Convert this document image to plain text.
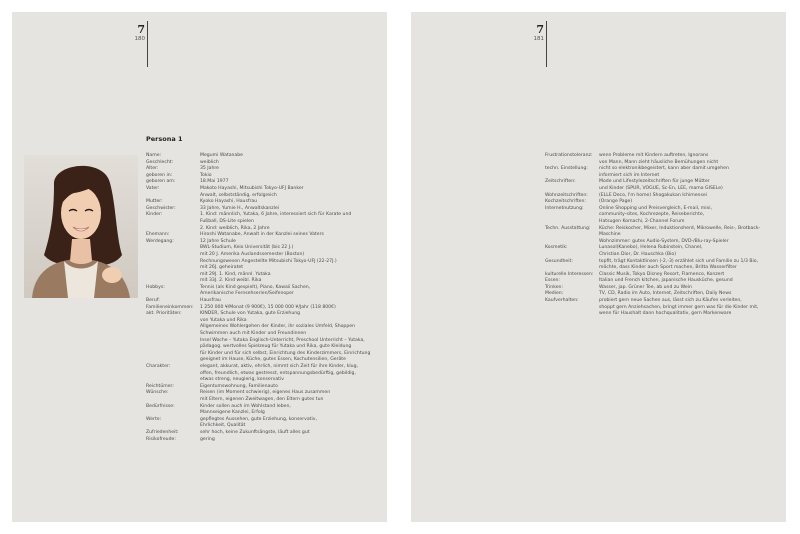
7
180
Persona 1
Name:	Megumi Watanabe
Geschlecht:	weiblich
Alter:	35 Jahre
geboren in:	Tokio
geboren am:	18.Mai 1977
Vater:	Makoto Hayashi, Mitsubishi Tokyo-UFJ Banker
Anwalt, selbstständig, erfolgreich
Mutter:	Kyoko Hayashi, Hausfrau
Geschwister:	33 Jahre, Yumie H., Anwaltskanzlei
Kinder:	1. Kind: männlich, Yutaka, 6 Jahre, interessiert sich für Karate und
Fußball, DS-Lite spielen
2. Kind: weiblich, Rika, 2 Jahre
Ehemann:	Hiroshi Watanabe, Anwalt in der Kanzlei seines Vaters
Werdegang:	12 Jahre Schule
BWL-Studium, Keio Universität (bis 22 J.)
mit 20 J. Amerika Auslandssemester (Boston)
Rechnungswesen Angestellte Mitsubishi Tokyo-UFJ (22-27J.)
mit 26J. geheiratet
mit 29J. 1. Kind, männl. Yutaka
mit 33J. 2. Kind weibl. Rika
Hobbys:	Tennis (als Kind gespielt), Piano, Kawaii Sachen,
Amerikanische Fernsehserien/Seifenoper
Beruf:	Hausfrau
Familieneinkommen:	1 250 000 ¥/Monat (9 900€), 15 000 000 ¥/Jahr (118 800€)
akt. Prioritäten:	KINDER, Schule von Yutaka, gute Erziehung
von Yutaka und Rika
Allgemeines Wohlergehen der Kinder, ihr soziales Umfeld, Shoppen
Schwimmen auch mit Kinder und Freundinnen
Insel Woche – Yutaka Englisch-Unterricht, Preschool Unterricht – Yutaka,
pädagog. wertvolles Spielzeug für Yutaka und Rika, gute Kleidung
für Kinder und für sich selbst, Einrichtung des Kinderzimmers, Einrichtung
geeignet im Hause, Küche, gutes Essen, Kochutensilien, Geräte
Charakter:	elegant, akkurat, aktiv, ehrlich, nimmt sich Zeit für ihre Kinder, klug,
offen, freundlich, etwas gestresst, entspannungsbedürftig, gebildig,
etwas streng, neugierig, konservativ
Reichtümer:	Eigentumswohnung, Familienauto
Wünsche:	Reisen (im Moment schwierig), eigenes Haus zusammen
mit Eltern, eigenen Zweitwagen, den Eltern gutes tun
Bedürfnisse:	Kinder sollen auch im Wohlstand leben,
Mannseigene Kanzlei, Erfolg
Werte:	gepflegtes Aussehen, gute Erziehung, konservativ,
Ehrlichkeit, Qualität
Zufriedenheit:	sehr hoch, keine Zukunftsängste, läuft alles gut
Risikofreude:	gering
7
181
Frustrationstoleranz:	wenn Probleme mit Kindern auftreten, Ignorans
von Mann, Mann zieht häusliche Bemühungen nicht
techn. Einstellung:	nicht so elektronikbegeistert, kann aber damit umgehen
informiert sich im Internet
Zeitschriften:	Mode und Lifestylezeitschriften für junge Mütter
und Kinder (SPUR, VOGUE, Sc-En, LEE, mama GISELe)
Wohnzeitschriften:	(ELLE Deco, I'm home) Shogakukan Ichimensei
Kochzeitschriften:	(Orange Page)
Internetnutzung:	Online Shopping und Preisvergleich, E-mail, mixi,
community-sites, Kochrezepte, Reiseberichte,
Hatsugen Komachi, 2-Channel Forum
Techn. Ausstattung:	Küche: Reiskocher, Mixer, Induktionsherd, Mikrowelle, Reis-, Brotback-
Maschine
Wohnzimmer: gutes Audio-System, DVD-/Blu-ray-Spieler
Kosmetik:	Lunasol(Kanebo), Helena Rubinstein, Chanel,
Christian Dior, Dr. Hauschka (Bio)
Gesundheit:	topfit, trägt Kontaktlinsen (-2,-3) erzählet sich und Familie zu 1/3 Bio,
möchte, dass Kinder auch Sport machen, Britta Wasserfilter
kulturelle Interessen:	Classic Musik, Tokyo Disney Resort, Flamenco, Konzert
Essen:	Italian und French kitchen, japanische Hausküche, gesund
Trinken:	Wasser, jap. Grüner Tee, ab und zu Wein
Medien:	TV, CD, Radio im Auto, Internet, Zeitschriften, Daily News
Kaufverhalten:	probiert gern neue Sachen aus, lässt sich zu Käufen verleiten,
shoppt gern Anziehsachen, bringt immer gern was für die Kinder mit,
wenn für Haushalt dann hochqualitativ, gern Markenware
